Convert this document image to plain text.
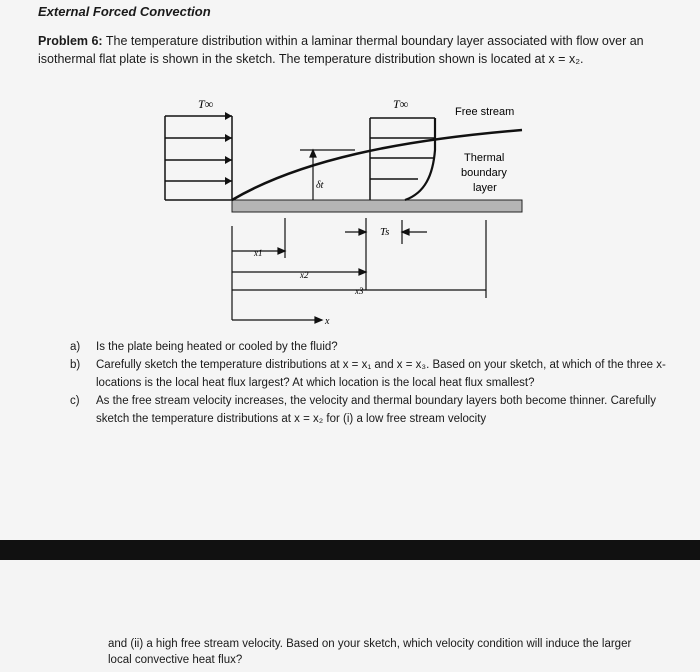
External Forced Convection
Problem 6: The temperature distribution within a laminar thermal boundary layer associated with flow over an isothermal flat plate is shown in the sketch. The temperature distribution shown is located at x = x₂.
T∞	T∞
Free stream
Thermal
boundary
layer
δt
Ts
x1
x2
x3
x
a) Is the plate being heated or cooled by the fluid?
b) Carefully sketch the temperature distributions at x = x₁ and x = x₃. Based on your sketch, at which of the three x-locations is the local heat flux largest? At which location is the local heat flux smallest?
c) As the free stream velocity increases, the velocity and thermal boundary layers both become thinner. Carefully sketch the temperature distributions at x = x₂ for (i) a low free stream velocity
and (ii) a high free stream velocity. Based on your sketch, which velocity condition will induce the larger local convective heat flux?
